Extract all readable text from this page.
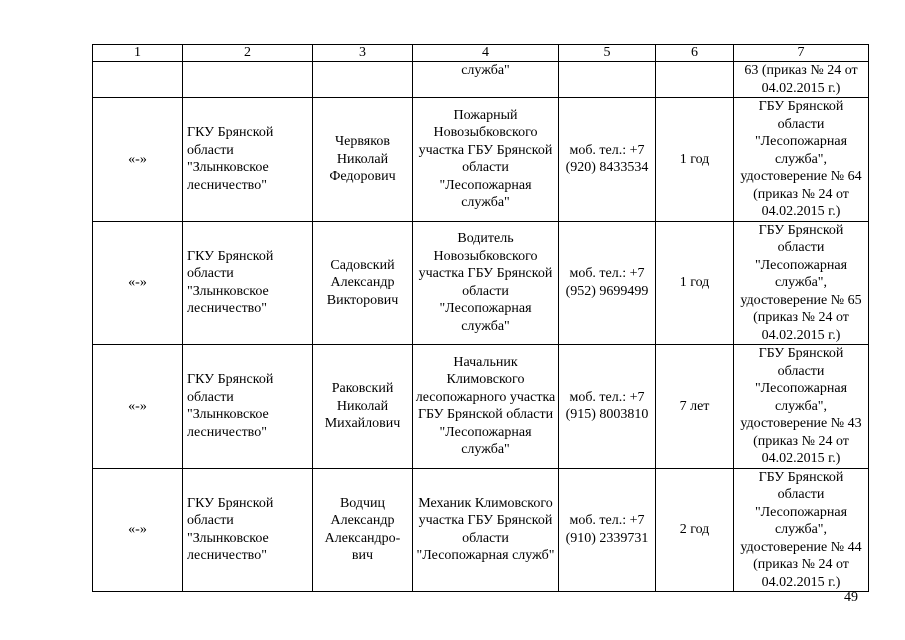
1	2	3	4	5	6	7
			служба"			63 (приказ № 24 от 04.02.2015 г.)
«-»	ГКУ Брянской области "Злынковское лесничество"	Червяков Николай Федорович	Пожарный Новозыбковского участка ГБУ Брянской области "Лесопожарная служба"	моб. тел.: +7 (920) 8433534	1 год	ГБУ Брянской области "Лесопожарная служба", удостоверение № 64 (приказ № 24 от 04.02.2015 г.)
«-»	ГКУ Брянской области "Злынковское лесничество"	Садовский Александр Викторович	Водитель Новозыбковского участка ГБУ Брянской области "Лесопожарная служба"	моб. тел.: +7 (952) 9699499	1 год	ГБУ Брянской области "Лесопожарная служба", удостоверение № 65 (приказ № 24 от 04.02.2015 г.)
«-»	ГКУ Брянской области "Злынковское лесничество"	Раковский Николай Михайлович	Начальник Климовского лесопожарного участка ГБУ Брянской области "Лесопожарная служба"	моб. тел.: +7 (915) 8003810	7 лет	ГБУ Брянской области "Лесопожарная служба", удостоверение № 43 (приказ № 24 от 04.02.2015 г.)
«-»	ГКУ Брянской области "Злынковское лесничество"	Водчиц Александр Александро-вич	Механик Климовского участка ГБУ Брянской области "Лесопожарная служб"	моб. тел.: +7 (910) 2339731	2 год	ГБУ Брянской области "Лесопожарная служба", удостоверение № 44 (приказ № 24 от 04.02.2015 г.)
49
